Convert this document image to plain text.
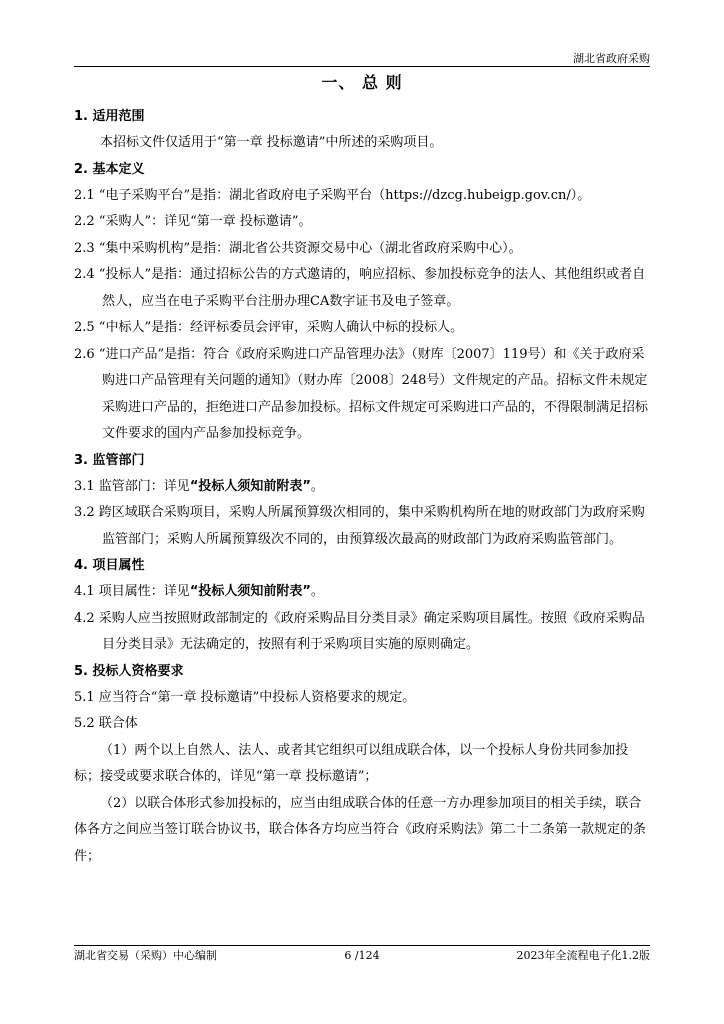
湖北省政府采购
一、 总 则

1. 适用范围

本招标文件仅适用于“第一章 投标邀请”中所述的采购项目。

2. 基本定义

2.1 “电子采购平台”是指：湖北省政府电子采购平台（https://dzcg.hubeigp.gov.cn/）。

2.2 “采购人”：详见“第一章 投标邀请”。

2.3 “集中采购机构”是指：湖北省公共资源交易中心（湖北省政府采购中心）。

2.4 “投标人”是指：通过招标公告的方式邀请的，响应招标、参加投标竞争的法人、其他组织或者自然人，应当在电子采购平台注册办理CA数字证书及电子签章。

2.5 “中标人”是指：经评标委员会评审，采购人确认中标的投标人。

2.6 “进口产品”是指：符合《政府采购进口产品管理办法》（财库〔2007〕119号）和《关于政府采购进口产品管理有关问题的通知》（财办库〔2008〕248号）文件规定的产品。招标文件未规定采购进口产品的，拒绝进口产品参加投标。招标文件规定可采购进口产品的，不得限制满足招标文件要求的国内产品参加投标竞争。

3. 监管部门

3.1 监管部门：详见“投标人须知前附表”。

3.2 跨区域联合采购项目，采购人所属预算级次相同的，集中采购机构所在地的财政部门为政府采购监管部门；采购人所属预算级次不同的，由预算级次最高的财政部门为政府采购监管部门。

4. 项目属性

4.1 项目属性：详见“投标人须知前附表”。

4.2 采购人应当按照财政部制定的《政府采购品目分类目录》确定采购项目属性。按照《政府采购品目分类目录》无法确定的，按照有利于采购项目实施的原则确定。

5. 投标人资格要求

5.1 应当符合“第一章 投标邀请”中投标人资格要求的规定。

5.2 联合体

（1）两个以上自然人、法人、或者其它组织可以组成联合体，以一个投标人身份共同参加投标；接受或要求联合体的，详见“第一章 投标邀请”；

（2）以联合体形式参加投标的，应当由组成联合体的任意一方办理参加项目的相关手续，联合体各方之间应当签订联合协议书，联合体各方均应当符合《政府采购法》第二十二条第一款规定的条件；

湖北省交易（采购）中心编制	6 /124	2023年全流程电子化1.2版
